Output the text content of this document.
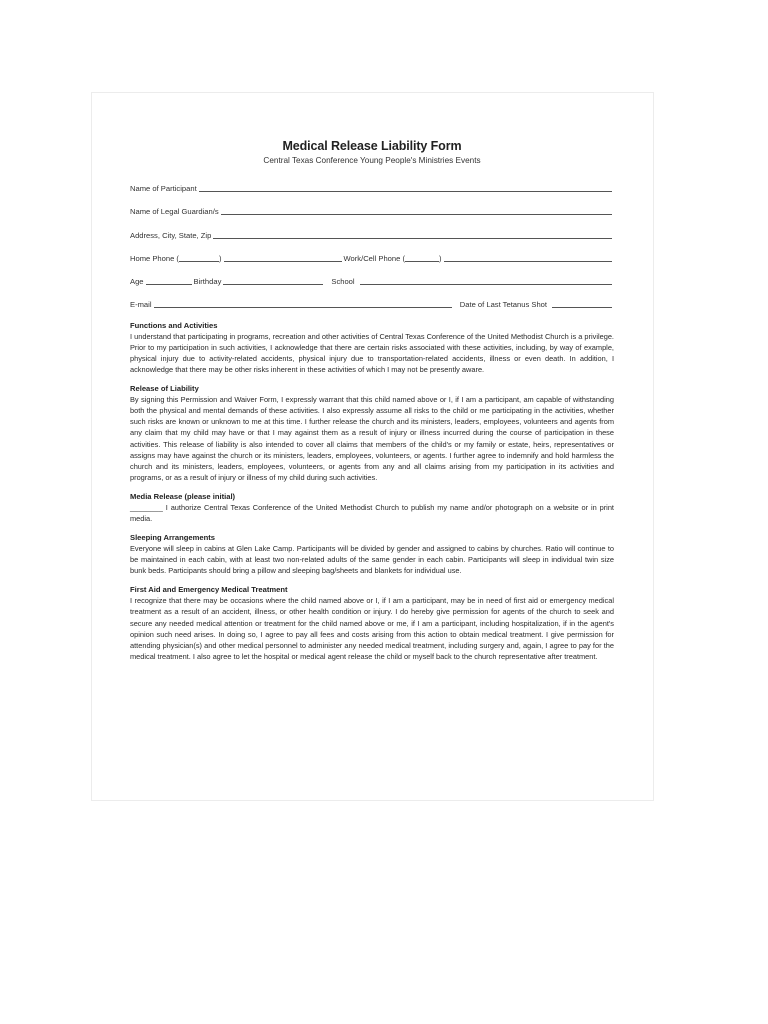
Medical Release Liability Form
Central Texas Conference Young People's Ministries Events
Name of Participant
Name of Legal Guardian/s
Address, City, State, Zip
Home Phone (	)	Work/Cell Phone (	)
Age	Birthday	School
E-mail	Date of Last Tetanus Shot
Functions and Activities

I understand that participating in programs, recreation and other activities of Central Texas Conference of the United Methodist Church is a privilege. Prior to my participation in such activities, I acknowledge that there are certain risks associated with these activities, including, by way of example, physical injury due to activity-related accidents, physical injury due to transportation-related accidents, illness or even death. In addition, I acknowledge that there may be other risks inherent in these activities of which I may not be presently aware.

Release of Liability

By signing this Permission and Waiver Form, I expressly warrant that this child named above or I, if I am a participant, am capable of withstanding both the physical and mental demands of these activities. I also expressly assume all risks to the child or me participating in the activities, whether such risks are known or unknown to me at this time. I further release the church and its ministers, leaders, employees, volunteers and agents from any claim that my child may have or that I may against them as a result of injury or illness incurred during the course of participation in these activities. This release of liability is also intended to cover all claims that members of the child's or my family or estate, heirs, representatives or assigns may have against the church or its ministers, leaders, employees, volunteers, or agents. I further agree to indemnify and hold harmless the church and its ministers, leaders, employees, volunteers, or agents from any and all claims arising from my participation in its activities and programs, or as a result of injury or illness of my child during such activities.

Media Release (please initial)

________ I authorize Central Texas Conference of the United Methodist Church to publish my name and/or photograph on a website or in print media.

Sleeping Arrangements

Everyone will sleep in cabins at Glen Lake Camp. Participants will be divided by gender and assigned to cabins by churches. Ratio will continue to be maintained in each cabin, with at least two non-related adults of the same gender in each cabin. Participants will sleep in individual twin size bunk beds. Participants should bring a pillow and sleeping bag/sheets and blankets for individual use.

First Aid and Emergency Medical Treatment

I recognize that there may be occasions where the child named above or I, if I am a participant, may be in need of first aid or emergency medical treatment as a result of an accident, illness, or other health condition or injury. I do hereby give permission for agents of the church to seek and secure any needed medical attention or treatment for the child named above or me, if I am a participant, including hospitalization, if in the agent's opinion such need arises. In doing so, I agree to pay all fees and costs arising from this action to obtain medical treatment. I give permission for attending physician(s) and other medical personnel to administer any needed medical treatment, including surgery and, again, I agree to pay for the medical treatment. I also agree to let the hospital or medical agent release the child or myself back to the church representative after treatment.
